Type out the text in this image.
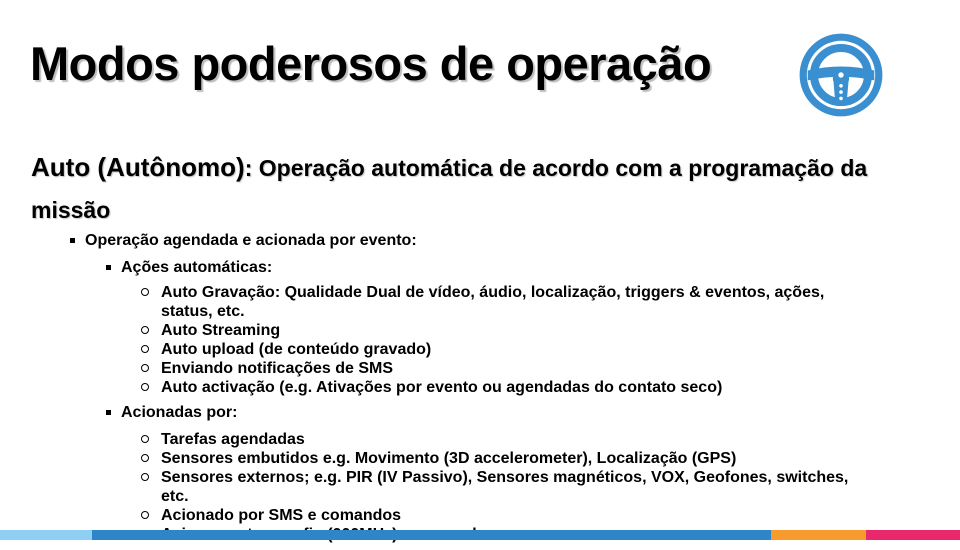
Modos poderosos de operação
Auto (Autônomo): Operação automática de acordo com a programação da missão
Operação agendada e acionada por evento:
Ações automáticas:
Auto Gravação: Qualidade Dual de vídeo, áudio, localização, triggers & eventos, ações, status, etc.
Auto Streaming
Auto upload (de conteúdo gravado)
Enviando notificações de SMS
Auto activação (e.g. Ativações por evento ou agendadas do contato seco)
Acionadas por:
Tarefas agendadas
Sensores embutidos e.g. Movimento (3D accelerometer), Localização (GPS)
Sensores externos; e.g. PIR (IV Passivo), Sensores magnéticos, VOX, Geofones, switches, etc.
Acionado por SMS e comandos
